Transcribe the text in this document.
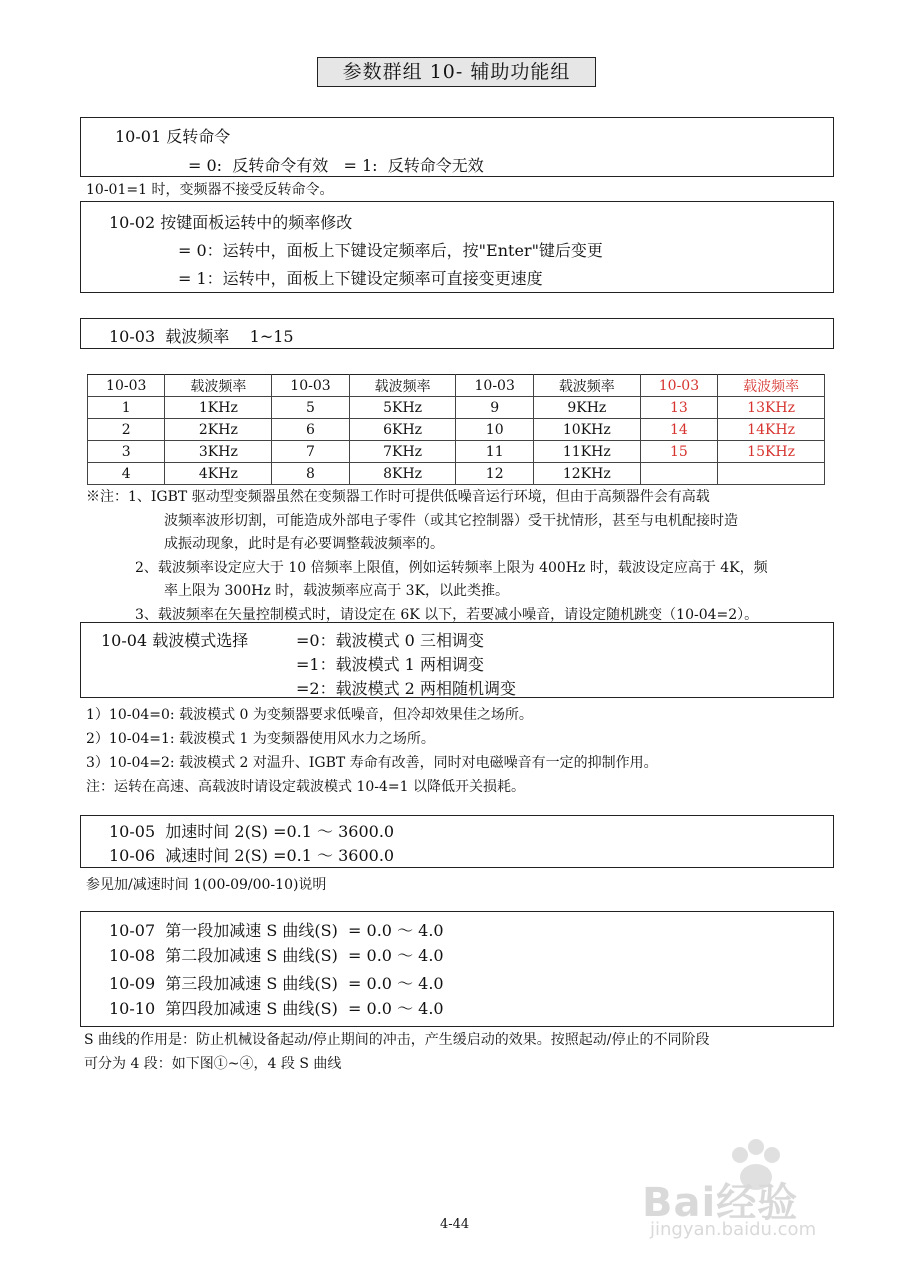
参数群组 10- 辅助功能组
10-01 反转命令
= 0:  反转命令有效   = 1:  反转命令无效
10-01=1 时，变频器不接受反转命令。
10-02 按键面板运转中的频率修改
= 0：运转中，面板上下键设定频率后，按"Enter"键后变更
= 1：运转中，面板上下键设定频率可直接变更速度
10-03  载波频率    1~15
10-03	载波频率	10-03	载波频率	10-03	载波频率	10-03	载波频率
1	1KHz	5	5KHz	9	9KHz	13	13KHz
2	2KHz	6	6KHz	10	10KHz	14	14KHz
3	3KHz	7	7KHz	11	11KHz	15	15KHz
4	4KHz	8	8KHz	12	12KHz		
※注：1、IGBT 驱动型变频器虽然在变频器工作时可提供低噪音运行环境，但由于高频器件会有高载
波频率波形切割，可能造成外部电子零件（或其它控制器）受干扰情形，甚至与电机配接时造
成振动现象，此时是有必要调整载波频率的。
2、载波频率设定应大于 10 倍频率上限值，例如运转频率上限为 400Hz 时，载波设定应高于 4K，频
率上限为 300Hz 时，载波频率应高于 3K，以此类推。
3、载波频率在矢量控制模式时，请设定在 6K 以下，若要减小噪音，请设定随机跳变（10-04=2）。
10-04 载波模式选择	=0：载波模式 0 三相调变
=1：载波模式 1 两相调变
=2：载波模式 2 两相随机调变
1）10-04=0: 载波模式 0 为变频器要求低噪音，但冷却效果佳之场所。
2）10-04=1: 载波模式 1 为变频器使用风水力之场所。
3）10-04=2: 载波模式 2 对温升、IGBT 寿命有改善，同时对电磁噪音有一定的抑制作用。
注：运转在高速、高载波时请设定载波模式 10-4=1 以降低开关损耗。
10-05  加速时间 2(S) =0.1 ～ 3600.0
10-06  减速时间 2(S) =0.1 ～ 3600.0
参见加/减速时间 1(00-09/00-10)说明
10-07  第一段加减速 S 曲线(S)  = 0.0 ～ 4.0
10-08  第二段加减速 S 曲线(S)  = 0.0 ～ 4.0
10-09  第三段加减速 S 曲线(S)  = 0.0 ～ 4.0
10-10  第四段加减速 S 曲线(S)  = 0.0 ～ 4.0
S 曲线的作用是：防止机械设备起动/停止期间的冲击，产生缓启动的效果。按照起动/停止的不同阶段
可分为 4 段：如下图①~④，4 段 S 曲线
4-44	Bai经验
jingyan.baidu.com
